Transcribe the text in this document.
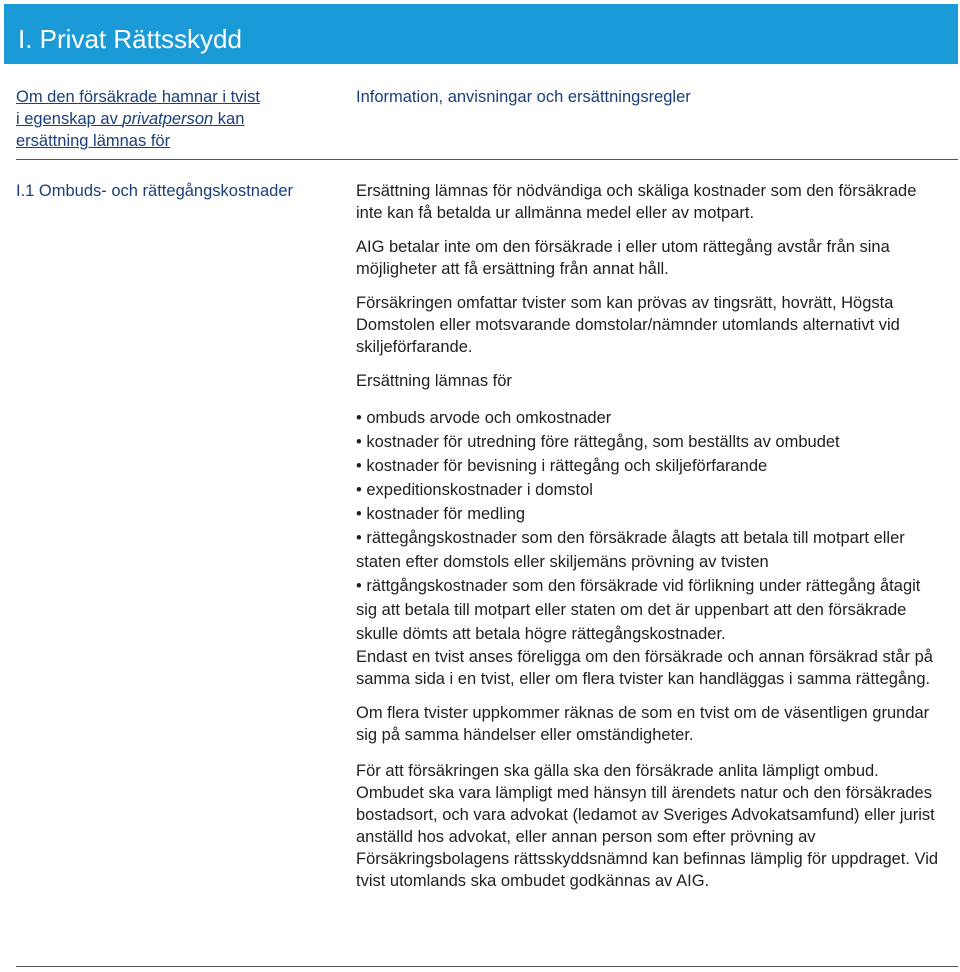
I. Privat Rättsskydd
Om den försäkrade hamnar i tvist
i egenskap av privatperson kan
ersättning lämnas för
Information, anvisningar och ersättningsregler
I.1 Ombuds- och rättegångskostnader	Ersättning lämnas för nödvändiga och skäliga kostnader som den försäkrade inte kan få betalda ur allmänna medel eller av motpart.

AIG betalar inte om den försäkrade i eller utom rättegång avstår från sina möjligheter att få ersättning från annat håll.

Försäkringen omfattar tvister som kan prövas av tingsrätt, hovrätt, Högsta Domstolen eller motsvarande domstolar/nämnder utomlands alternativt vid skiljeförfarande.

Ersättning lämnas för

• ombuds arvode och omkostnader
• kostnader för utredning före rättegång, som beställts av ombudet
• kostnader för bevisning i rättegång och skiljeförfarande
• expeditionskostnader i domstol
• kostnader för medling
• rättegångskostnader som den försäkrade ålagts att betala till motpart eller staten efter domstols eller skiljemäns prövning av tvisten
• rättgångskostnader som den försäkrade vid förlikning under rättegång åtagit sig att betala till motpart eller staten om det är uppenbart att den försäkrade skulle dömts att betala högre rättegångskostnader.

Endast en tvist anses föreligga om den försäkrade och annan försäkrad står på samma sida i en tvist, eller om flera tvister kan handläggas i samma rättegång.

Om flera tvister uppkommer räknas de som en tvist om de väsentligen grundar sig på samma händelser eller omständigheter.

För att försäkringen ska gälla ska den försäkrade anlita lämpligt ombud. Ombudet ska vara lämpligt med hänsyn till ärendets natur och den försäkrades bostadsort, och vara advokat (ledamot av Sveriges Advokatsamfund) eller jurist anställd hos advokat, eller annan person som efter prövning av Försäkringsbolagens rättsskyddsnämnd kan befinnas lämplig för uppdraget. Vid tvist utomlands ska ombudet godkännas av AIG.
